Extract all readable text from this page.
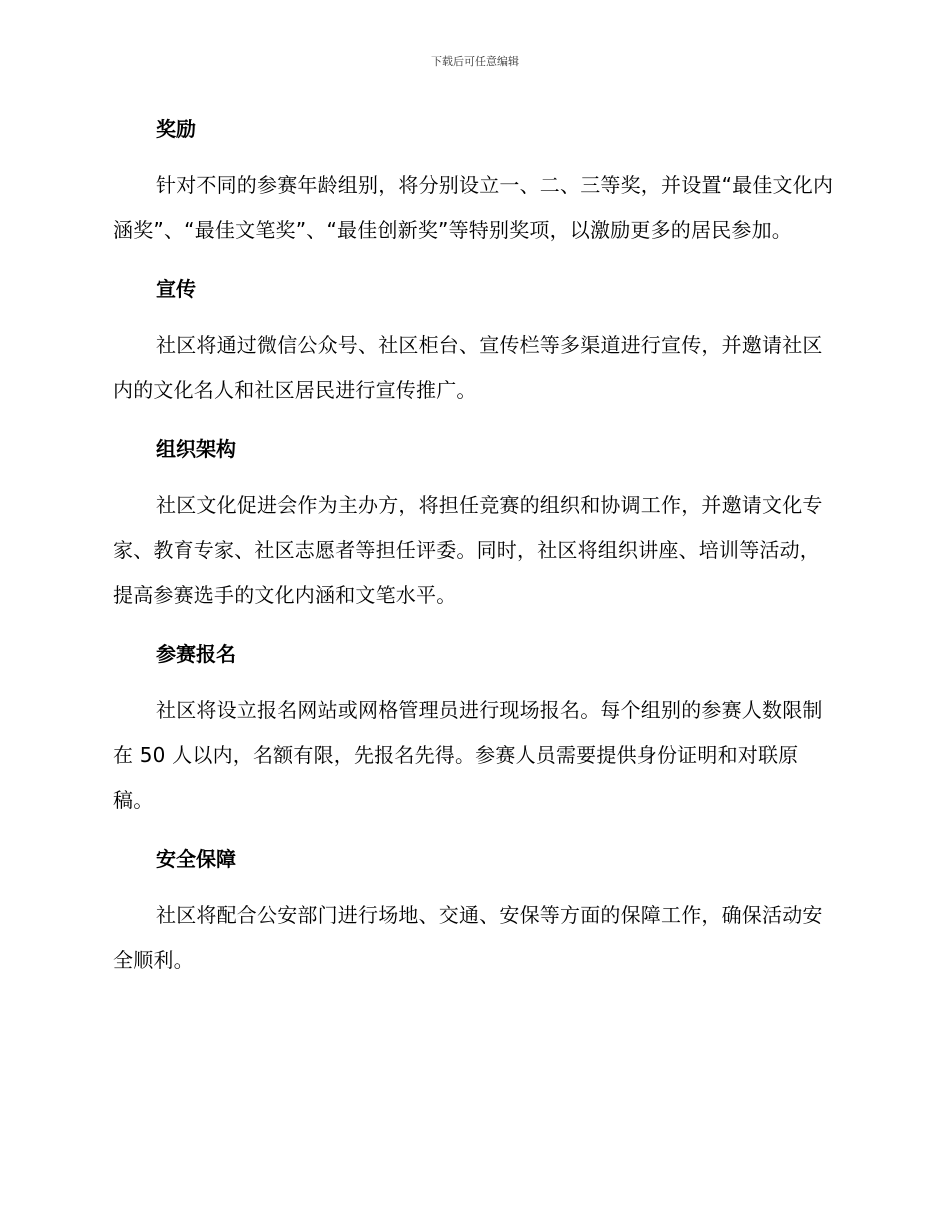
下载后可任意编辑
奖励

针对不同的参赛年龄组别，将分别设立一、二、三等奖，并设置“最佳文化内涵奖”、“最佳文笔奖”、“最佳创新奖”等特别奖项，以激励更多的居民参加。

宣传

社区将通过微信公众号、社区柜台、宣传栏等多渠道进行宣传，并邀请社区内的文化名人和社区居民进行宣传推广。

组织架构

社区文化促进会作为主办方，将担任竞赛的组织和协调工作，并邀请文化专家、教育专家、社区志愿者等担任评委。同时，社区将组织讲座、培训等活动，提高参赛选手的文化内涵和文笔水平。

参赛报名

社区将设立报名网站或网格管理员进行现场报名。每个组别的参赛人数限制在 50 人以内，名额有限，先报名先得。参赛人员需要提供身份证明和对联原稿。

安全保障

社区将配合公安部门进行场地、交通、安保等方面的保障工作，确保活动安全顺利。
